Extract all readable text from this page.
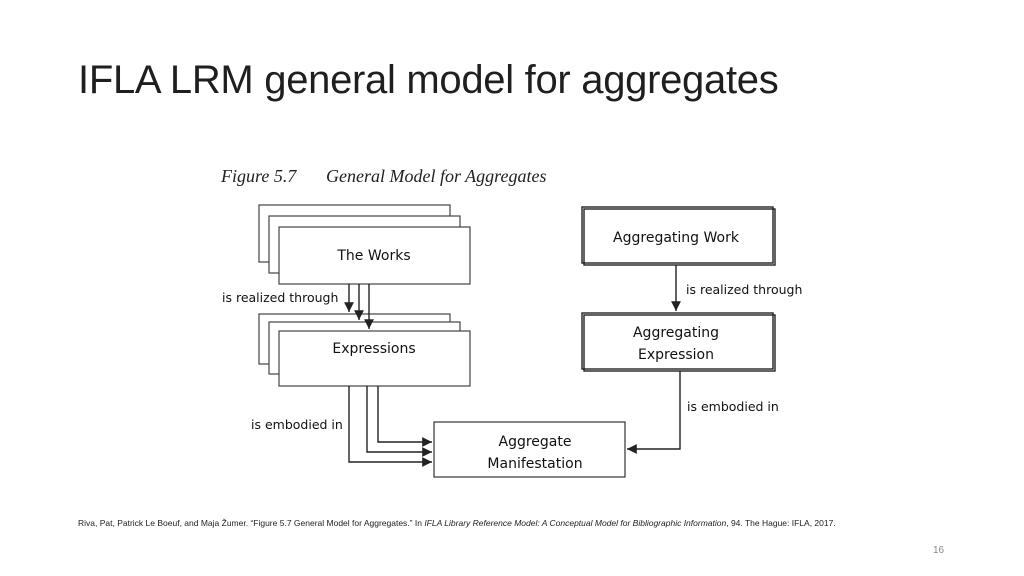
IFLA LRM general model for aggregates
Figure 5.7 General Model for Aggregates
The Works
Expressions
Aggregating Work
Aggregating
Expression
Aggregate
Manifestation
is realized through
is embodied in
is realized through
is embodied in
Riva, Pat, Patrick Le Boeuf, and Maja Žumer. “Figure 5.7 General Model for Aggregates.” In IFLA Library Reference Model: A Conceptual Model for Bibliographic Information, 94. The Hague: IFLA, 2017.
16
